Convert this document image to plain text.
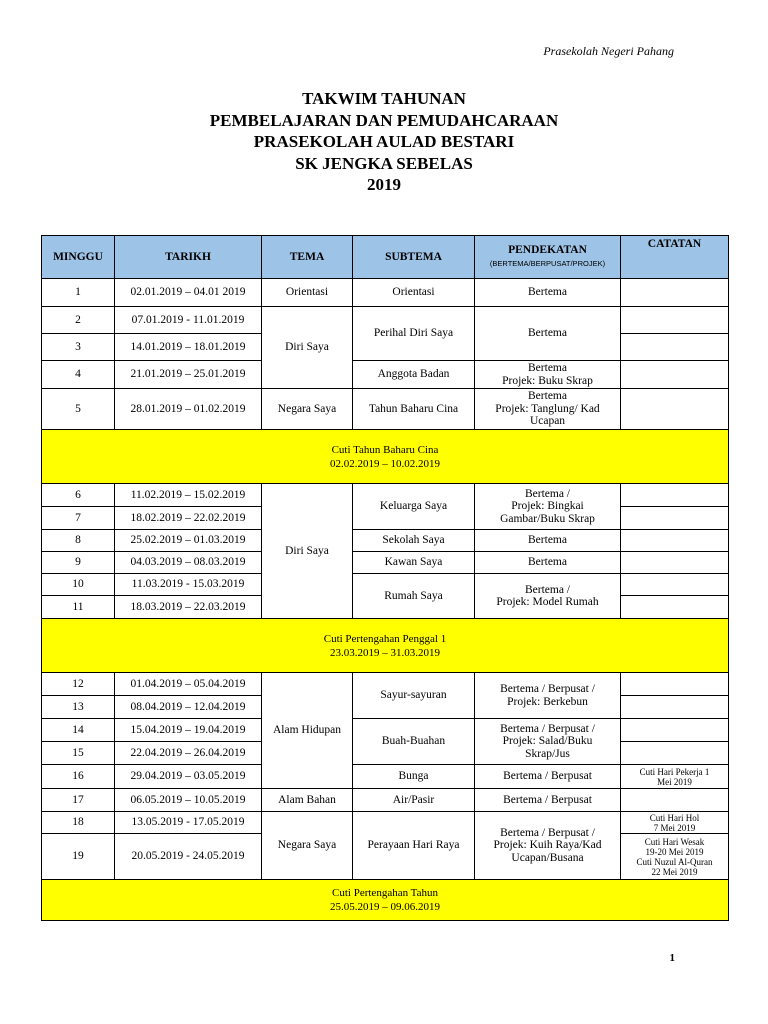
Prasekolah Negeri Pahang
TAKWIM TAHUNAN
PEMBELAJARAN DAN PEMUDAHCARAAN
PRASEKOLAH AULAD BESTARI
SK JENGKA SEBELAS
2019
MINGGU	TARIKH	TEMA	SUBTEMA	PENDEKATAN
(BERTEMA/BERPUSAT/PROJEK)	CATATAN
1	02.01.2019 – 04.01 2019	Orientasi	Orientasi	Bertema	
2	07.01.2019 - 11.01.2019	Diri Saya	Perihal Diri Saya	Bertema	
3	14.01.2019 – 18.01.2019				
4	21.01.2019 – 25.01.2019		Anggota Badan	Bertema
Projek: Buku Skrap	
5	28.01.2019 – 01.02.2019	Negara Saya	Tahun Baharu Cina	Bertema
Projek: Tanglung/ Kad
Ucapan	
Cuti Tahun Baharu Cina
02.02.2019 – 10.02.2019					
6	11.02.2019 – 15.02.2019	Diri Saya	Keluarga Saya	Bertema /
Projek: Bingkai
Gambar/Buku Skrap	
7	18.02.2019 – 22.02.2019				
8	25.02.2019 – 01.03.2019		Sekolah Saya	Bertema	
9	04.03.2019 – 08.03.2019		Kawan Saya	Bertema	
10	11.03.2019 - 15.03.2019		Rumah Saya	Bertema /
Projek: Model Rumah	
11	18.03.2019 – 22.03.2019				
Cuti Pertengahan Penggal 1
23.03.2019 – 31.03.2019					
12	01.04.2019 – 05.04.2019	Alam Hidupan	Sayur-sayuran	Bertema / Berpusat /
Projek: Berkebun	
13	08.04.2019 – 12.04.2019				
14	15.04.2019 – 19.04.2019		Buah-Buahan	Bertema / Berpusat /
Projek: Salad/Buku
Skrap/Jus	
15	22.04.2019 – 26.04.2019				
16	29.04.2019 – 03.05.2019		Bunga	Bertema / Berpusat	Cuti Hari Pekerja 1
Mei 2019
17	06.05.2019 – 10.05.2019	Alam Bahan	Air/Pasir	Bertema / Berpusat	
18	13.05.2019 - 17.05.2019	Negara Saya	Perayaan Hari Raya	Bertema / Berpusat /
Projek: Kuih Raya/Kad
Ucapan/Busana	Cuti Hari Hol
7 Mei 2019
19	20.05.2019 - 24.05.2019				Cuti Hari Wesak
19-20 Mei 2019
Cuti Nuzul Al-Quran
22 Mei 2019
Cuti Pertengahan Tahun
25.05.2019 – 09.06.2019					
1
